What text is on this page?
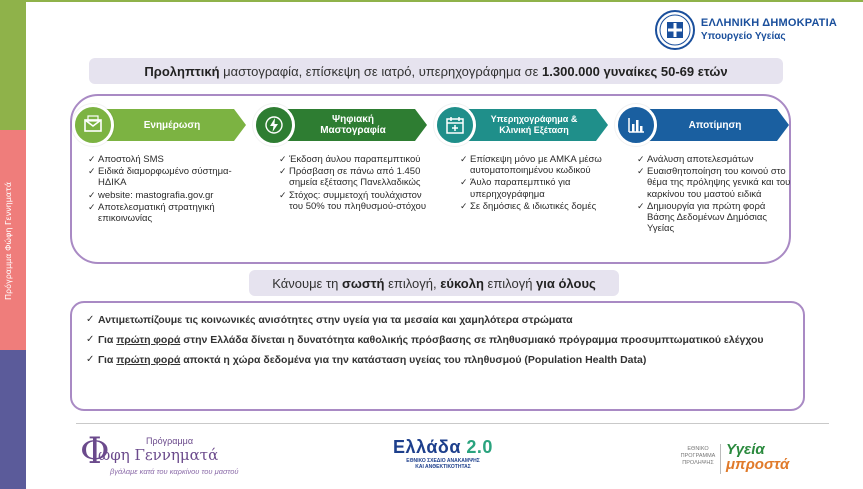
Πρόγραμμα Φώφη Γεννηματά
ΕΛΛΗΝΙΚΗ ΔΗΜΟΚΡΑΤΙΑ
Υπουργείο Υγείας
Προληπτική μαστογραφία, επίσκεψη σε ιατρό, υπερηχογράφημα σε 1.300.000 γυναίκες 50-69 ετών
Ενημέρωση
✓ Αποστολή SMS
✓ Ειδικά διαμορφωμένο σύστημα-ΗΔΙΚΑ
✓ website: mastografia.gov.gr
✓ Αποτελεσματική στρατηγική επικοινωνίας
Ψηφιακή Μαστογραφία
✓ Έκδοση άυλου παραπεμπτικού
✓ Πρόσβαση σε πάνω από 1.450 σημεία εξέτασης Πανελλαδικώς
✓ Στόχος: συμμετοχή τουλάχιστον του 50% του πληθυσμού-στόχου
Υπερηχογράφημα & Κλινική Εξέταση
✓ Επίσκεψη μόνο με ΑΜΚΑ μέσω αυτοματοποιημένου κωδικού
✓ Άυλο παραπεμπτικό για υπερηχογράφημα
✓ Σε δημόσιες & ιδιωτικές δομές
Αποτίμηση
✓ Ανάλυση αποτελεσμάτων
✓ Ευαισθητοποίηση του κοινού στο θέμα της πρόληψης γενικά και του καρκίνου του μαστού ειδικά
✓ Δημιουργία για πρώτη φορά Βάσης Δεδομένων Δημόσιας Υγείας
Κάνουμε τη σωστή επιλογή, εύκολη επιλογή για όλους
✓ Αντιμετωπίζουμε τις κοινωνικές ανισότητες στην υγεία για τα μεσαία και χαμηλότερα στρώματα
✓ Για πρώτη φορά στην Ελλάδα δίνεται η δυνατότητα καθολικής πρόσβασης σε πληθυσμιακό πρόγραμμα προσυμπτωματικού ελέγχου
✓ Για πρώτη φορά αποκτά η χώρα δεδομένα για την κατάσταση υγείας του πληθυσμού (Population Health Data)
Φ	Πρόγραμμα
ώφη Γεννηματά
βγάλαμε κατά του καρκίνου του μαστού
Ελλάδα 2.0
ΕΘΝΙΚΟ ΣΧΕΔΙΟ ΑΝΑΚΑΜΨΗΣ
ΚΑΙ ΑΝΘΕΚΤΙΚΟΤΗΤΑΣ
ΕΘΝΙΚΟ
ΠΡΟΓΡΑΜΜΑ
ΠΡΟΛΗΨΗΣ
Υγεία
μπροστά
